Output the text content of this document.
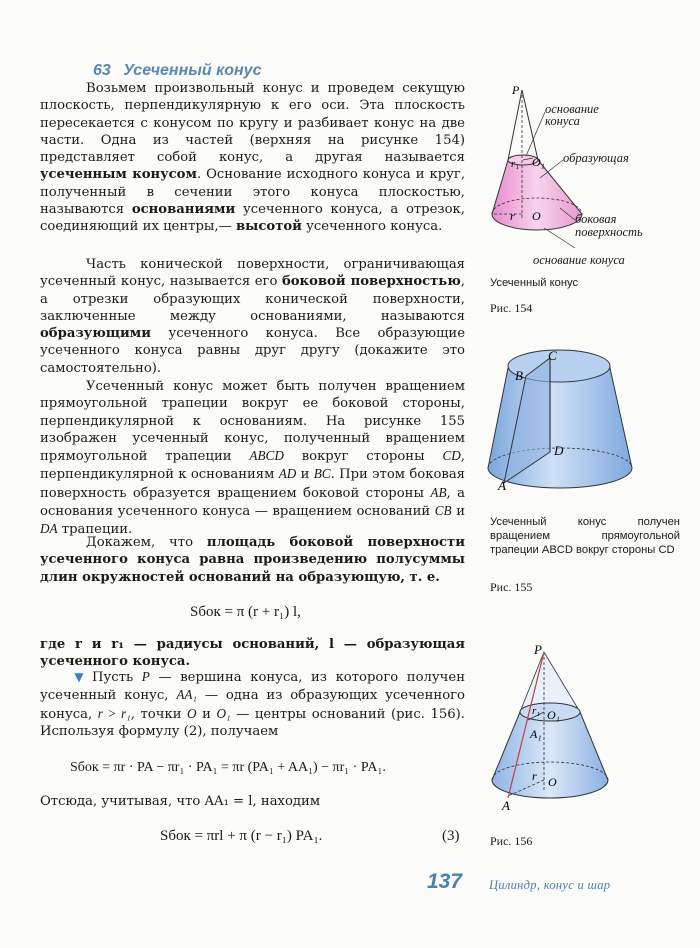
63 Усеченный конус
Возьмем произвольный конус и проведем секущую плоскость, перпендикулярную к его оси. Эта плоскость пересекается с конусом по кругу и разбивает конус на две части. Одна из частей (верхняя на рисунке 154) представляет собой конус, а другая называется усеченным конусом. Основание исходного конуса и круг, полученный в сечении этого конуса плоскостью, называются основаниями усеченного конуса, а отрезок, соединяющий их центры,— высотой усеченного конуса.
Часть конической поверхности, ограничивающая усеченный конус, называется его боковой поверхностью, а отрезки образующих конической поверхности, заключенные между основаниями, называются образующими усеченного конуса. Все образующие усеченного конуса равны друг другу (докажите это самостоятельно).
Усеченный конус может быть получен вращением прямоугольной трапеции вокруг ее боковой стороны, перпендикулярной к основаниям. На рисунке 155 изображен усеченный конус, полученный вращением прямоугольной трапеции ABCD вокруг стороны CD, перпендикулярной к основаниям AD и BC. При этом боковая поверхность образуется вращением боковой стороны AB, а основания усеченного конуса — вращением оснований CB и DA трапеции.
Докажем, что площадь боковой поверхности усеченного конуса равна произведению полусуммы длин окружностей оснований на образующую, т. е.
Sбок = π (r + r₁) l,
где r и r₁ — радиусы оснований, l — образующая усеченного конуса.
▼ Пусть P — вершина конуса, из которого получен усеченный конус, AA₁ — одна из образующих усеченного конуса, r > r₁, точки O и O₁ — центры оснований (рис. 156). Используя формулу (2), получаем
Sбок = πr · PA − πr₁ · PA₁ = πr (PA₁ + AA₁) − πr₁ · PA₁.
Отсюда, учитывая, что AA₁ = l, находим
Sбок = πrl + π (r − r₁) PA₁.	(3)
P
r₁ O₁
r O
основание конуса
образующая
боковая поверхность
основание конуса
Усеченный конус
Рис. 154
C
B
D
A
Усеченный конус получен вращением прямоугольной трапеции ABCD вокруг стороны CD
Рис. 155
P
r₁ O₁
A₁
r O
A
Рис. 156
137 Цилиндр, конус и шар
